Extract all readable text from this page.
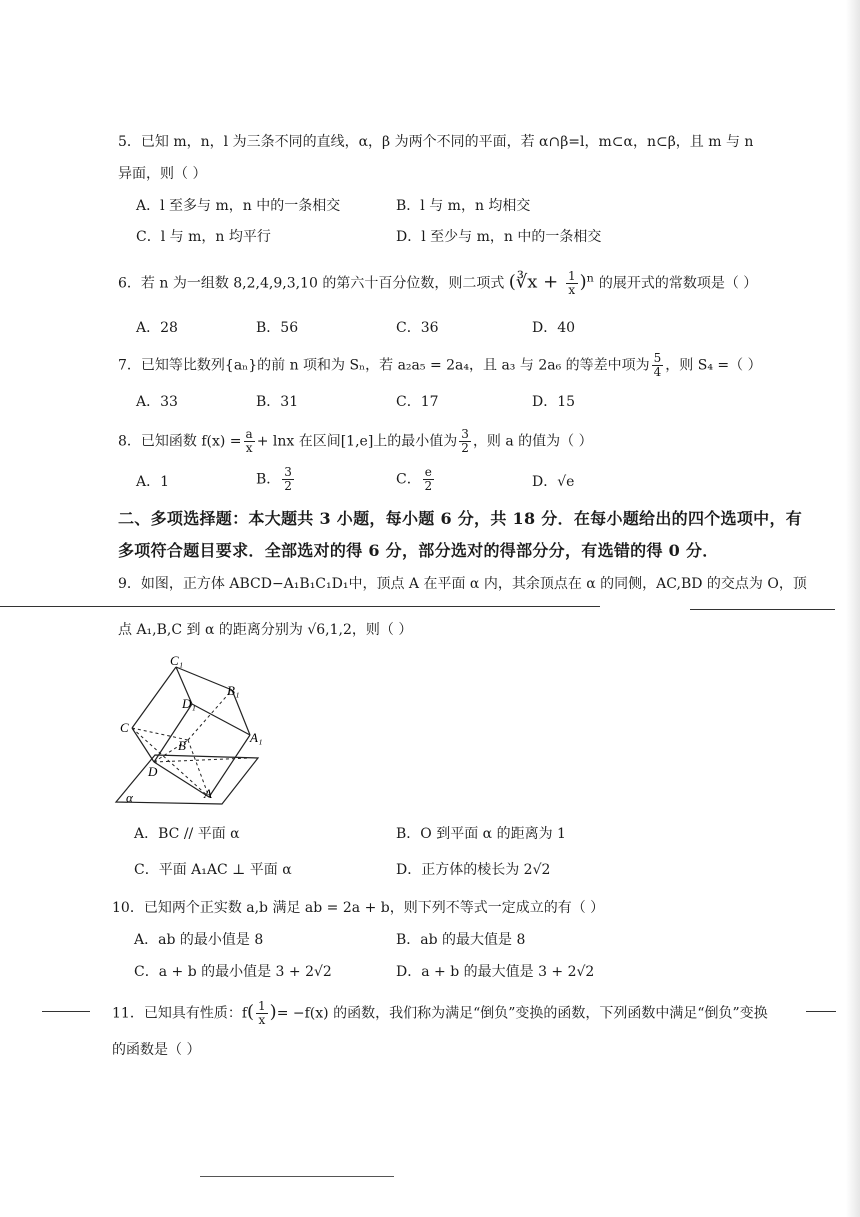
5．已知 m，n，l 为三条不同的直线，α，β 为两个不同的平面，若 α∩β=l，m⊂α，n⊂β，且 m 与 n
异面，则（ ）
A．l 至多与 m，n 中的一条相交	B．l 与 m，n 均相交
C．l 与 m，n 均平行	D．l 至少与 m，n 中的一条相交
6．若 n 为一组数 8,2,4,9,3,10 的第六十百分位数，则二项式 (∛x + $\frac{1}{x} )^n$ 的展开式的常数项是（ ）
A．28	B．56	C．36	D．40
7．已知等比数列{aₙ}的前 n 项和为 Sₙ，若 a₂a₅ = 2a₄，且 a₃ 与 2a₆ 的等差中项为 $\frac{5}{4}$ ，则 S₄ =（ ）
A．33	B．31	C．17	D．15
8．已知函数 $f(x) = \frac{a}{x} + \ln x$ 在区间[1,e]上的最小值为 $\frac{3}{2}$ ，则 a 的值为（ ）
A．1	B． $\frac{3}{2}$	C． $\frac{e}{2}$	D．√e
二、多项选择题：本大题共 3 小题，每小题 6 分，共 18 分．在每小题给出的四个选项中，有
多项符合题目要求．全部选对的得 6 分，部分选对的得部分分，有选错的得 0 分．
9．如图，正方体 ABCD−A₁B₁C₁D₁中，顶点 A 在平面 α 内，其余顶点在 α 的同侧，AC,BD 的交点为 O，顶
点 A₁,B,C 到 α 的距离分别为 √6,1,2，则（ ）
C₁
B₁
D₁
C
B
A₁
D
A
α
A．BC // 平面 α	B．O 到平面 α 的距离为 1
C．平面 A₁AC ⊥ 平面 α	D．正方体的棱长为 2√2
10．已知两个正实数 a,b 满足 ab = 2a + b，则下列不等式一定成立的有（ ）
A．ab 的最小值是 8	B．ab 的最大值是 8
C．a + b 的最小值是 3 + 2√2	D．a + b 的最大值是 3 + 2√2
11．已知具有性质：$f( \frac{1}{x}$ )= −f(x) 的函数，我们称为满足“倒负”变换的函数，下列函数中满足“倒负”变换
的函数是（ ）
